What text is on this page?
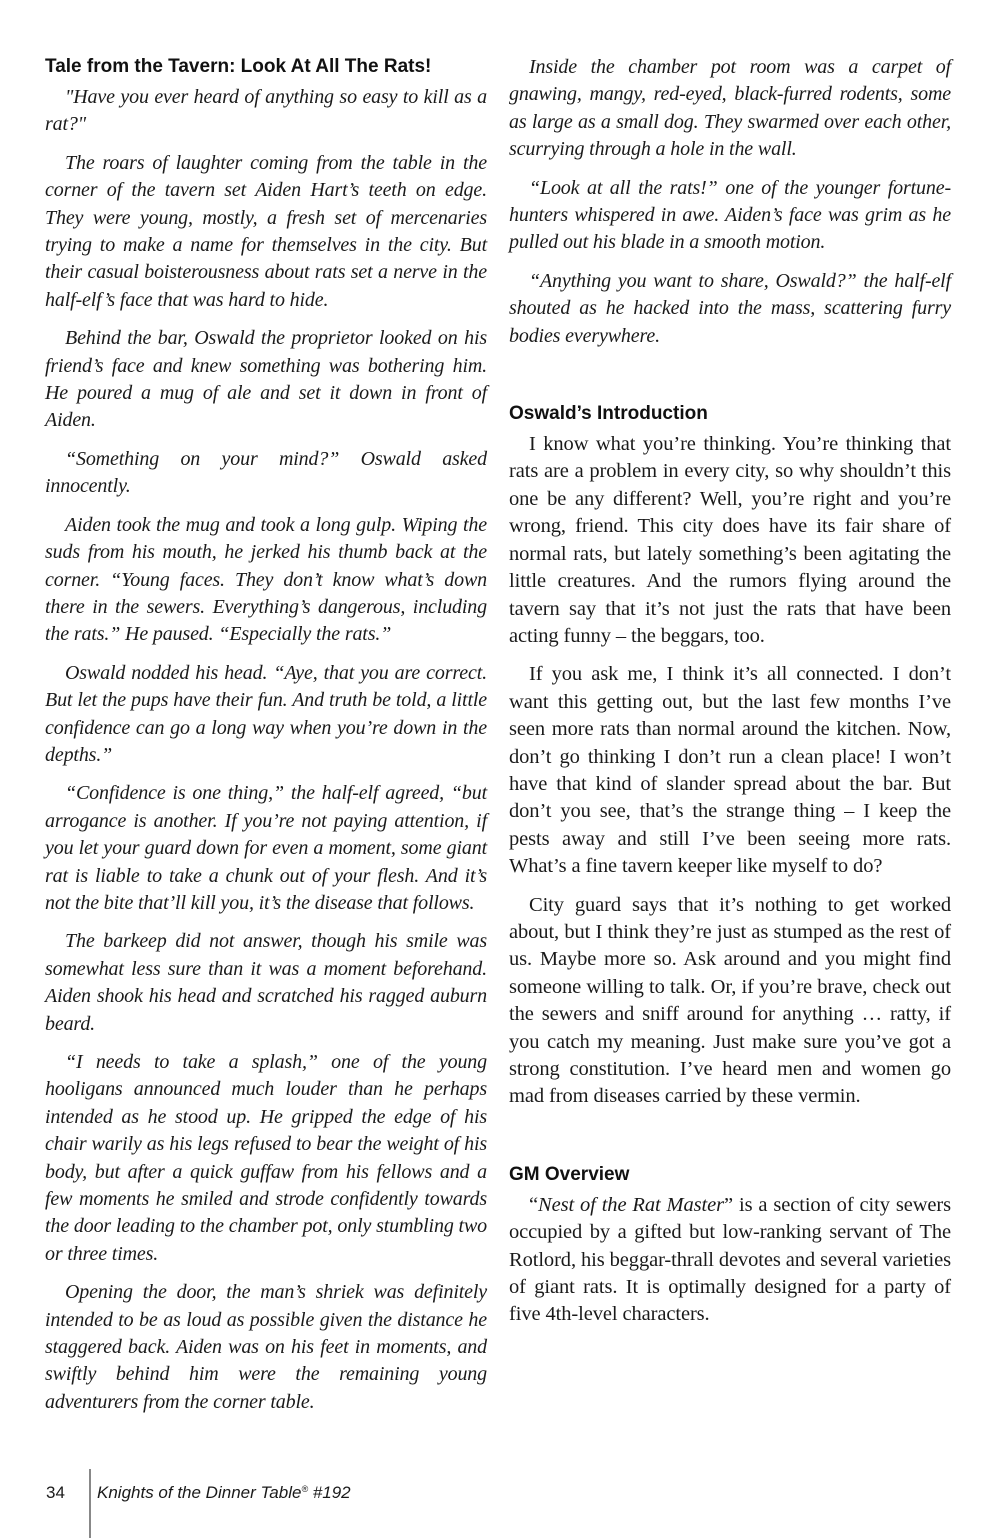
Tale from the Tavern: Look At All The Rats!

"Have you ever heard of anything so easy to kill as a rat?"

The roars of laughter coming from the table in the corner of the tavern set Aiden Hart’s teeth on edge. They were young, mostly, a fresh set of mercenaries trying to make a name for themselves in the city. But their casual boisterousness about rats set a nerve in the half-elf’s face that was hard to hide.

Behind the bar, Oswald the proprietor looked on his friend’s face and knew something was bothering him. He poured a mug of ale and set it down in front of Aiden.

“Something on your mind?” Oswald asked innocently.

Aiden took the mug and took a long gulp. Wiping the suds from his mouth, he jerked his thumb back at the corner. “Young faces. They don’t know what’s down there in the sewers. Everything’s dangerous, including the rats.” He paused. “Especially the rats.”

Oswald nodded his head. “Aye, that you are correct. But let the pups have their fun. And truth be told, a little confidence can go a long way when you’re down in the depths.”

“Confidence is one thing,” the half-elf agreed, “but arrogance is another. If you’re not paying attention, if you let your guard down for even a moment, some giant rat is liable to take a chunk out of your flesh. And it’s not the bite that’ll kill you, it’s the disease that follows.

The barkeep did not answer, though his smile was somewhat less sure than it was a moment beforehand. Aiden shook his head and scratched his ragged auburn beard.

“I needs to take a splash,” one of the young hooligans announced much louder than he perhaps intended as he stood up. He gripped the edge of his chair warily as his legs refused to bear the weight of his body, but after a quick guffaw from his fellows and a few moments he smiled and strode confidently towards the door leading to the chamber pot, only stumbling two or three times.

Opening the door, the man’s shriek was definitely intended to be as loud as possible given the distance he staggered back. Aiden was on his feet in moments, and swiftly behind him were the remaining young adventurers from the corner table.

Inside the chamber pot room was a carpet of gnawing, mangy, red-eyed, black-furred rodents, some as large as a small dog. They swarmed over each other, scurrying through a hole in the wall.

“Look at all the rats!” one of the younger fortune-hunters whispered in awe. Aiden’s face was grim as he pulled out his blade in a smooth motion.

“Anything you want to share, Oswald?” the half-elf shouted as he hacked into the mass, scattering furry bodies everywhere.

Oswald’s Introduction

I know what you’re thinking. You’re thinking that rats are a problem in every city, so why shouldn’t this one be any different? Well, you’re right and you’re wrong, friend. This city does have its fair share of normal rats, but lately something’s been agitating the little creatures. And the rumors flying around the tavern say that it’s not just the rats that have been acting funny – the beggars, too.

If you ask me, I think it’s all connected. I don’t want this getting out, but the last few months I’ve seen more rats than normal around the kitchen. Now, don’t go thinking I don’t run a clean place! I won’t have that kind of slander spread about the bar. But don’t you see, that’s the strange thing – I keep the pests away and still I’ve been seeing more rats. What’s a fine tavern keeper like myself to do?

City guard says that it’s nothing to get worked about, but I think they’re just as stumped as the rest of us. Maybe more so. Ask around and you might find someone willing to talk. Or, if you’re brave, check out the sewers and sniff around for anything … ratty, if you catch my meaning. Just make sure you’ve got a strong constitution. I’ve heard men and women go mad from diseases carried by these vermin.

GM Overview

“Nest of the Rat Master” is a section of city sewers occupied by a gifted but low-ranking servant of The Rotlord, his beggar-thrall devotes and several varieties of giant rats. It is optimally designed for a party of five 4th-level characters.

34 Knights of the Dinner Table® #192
